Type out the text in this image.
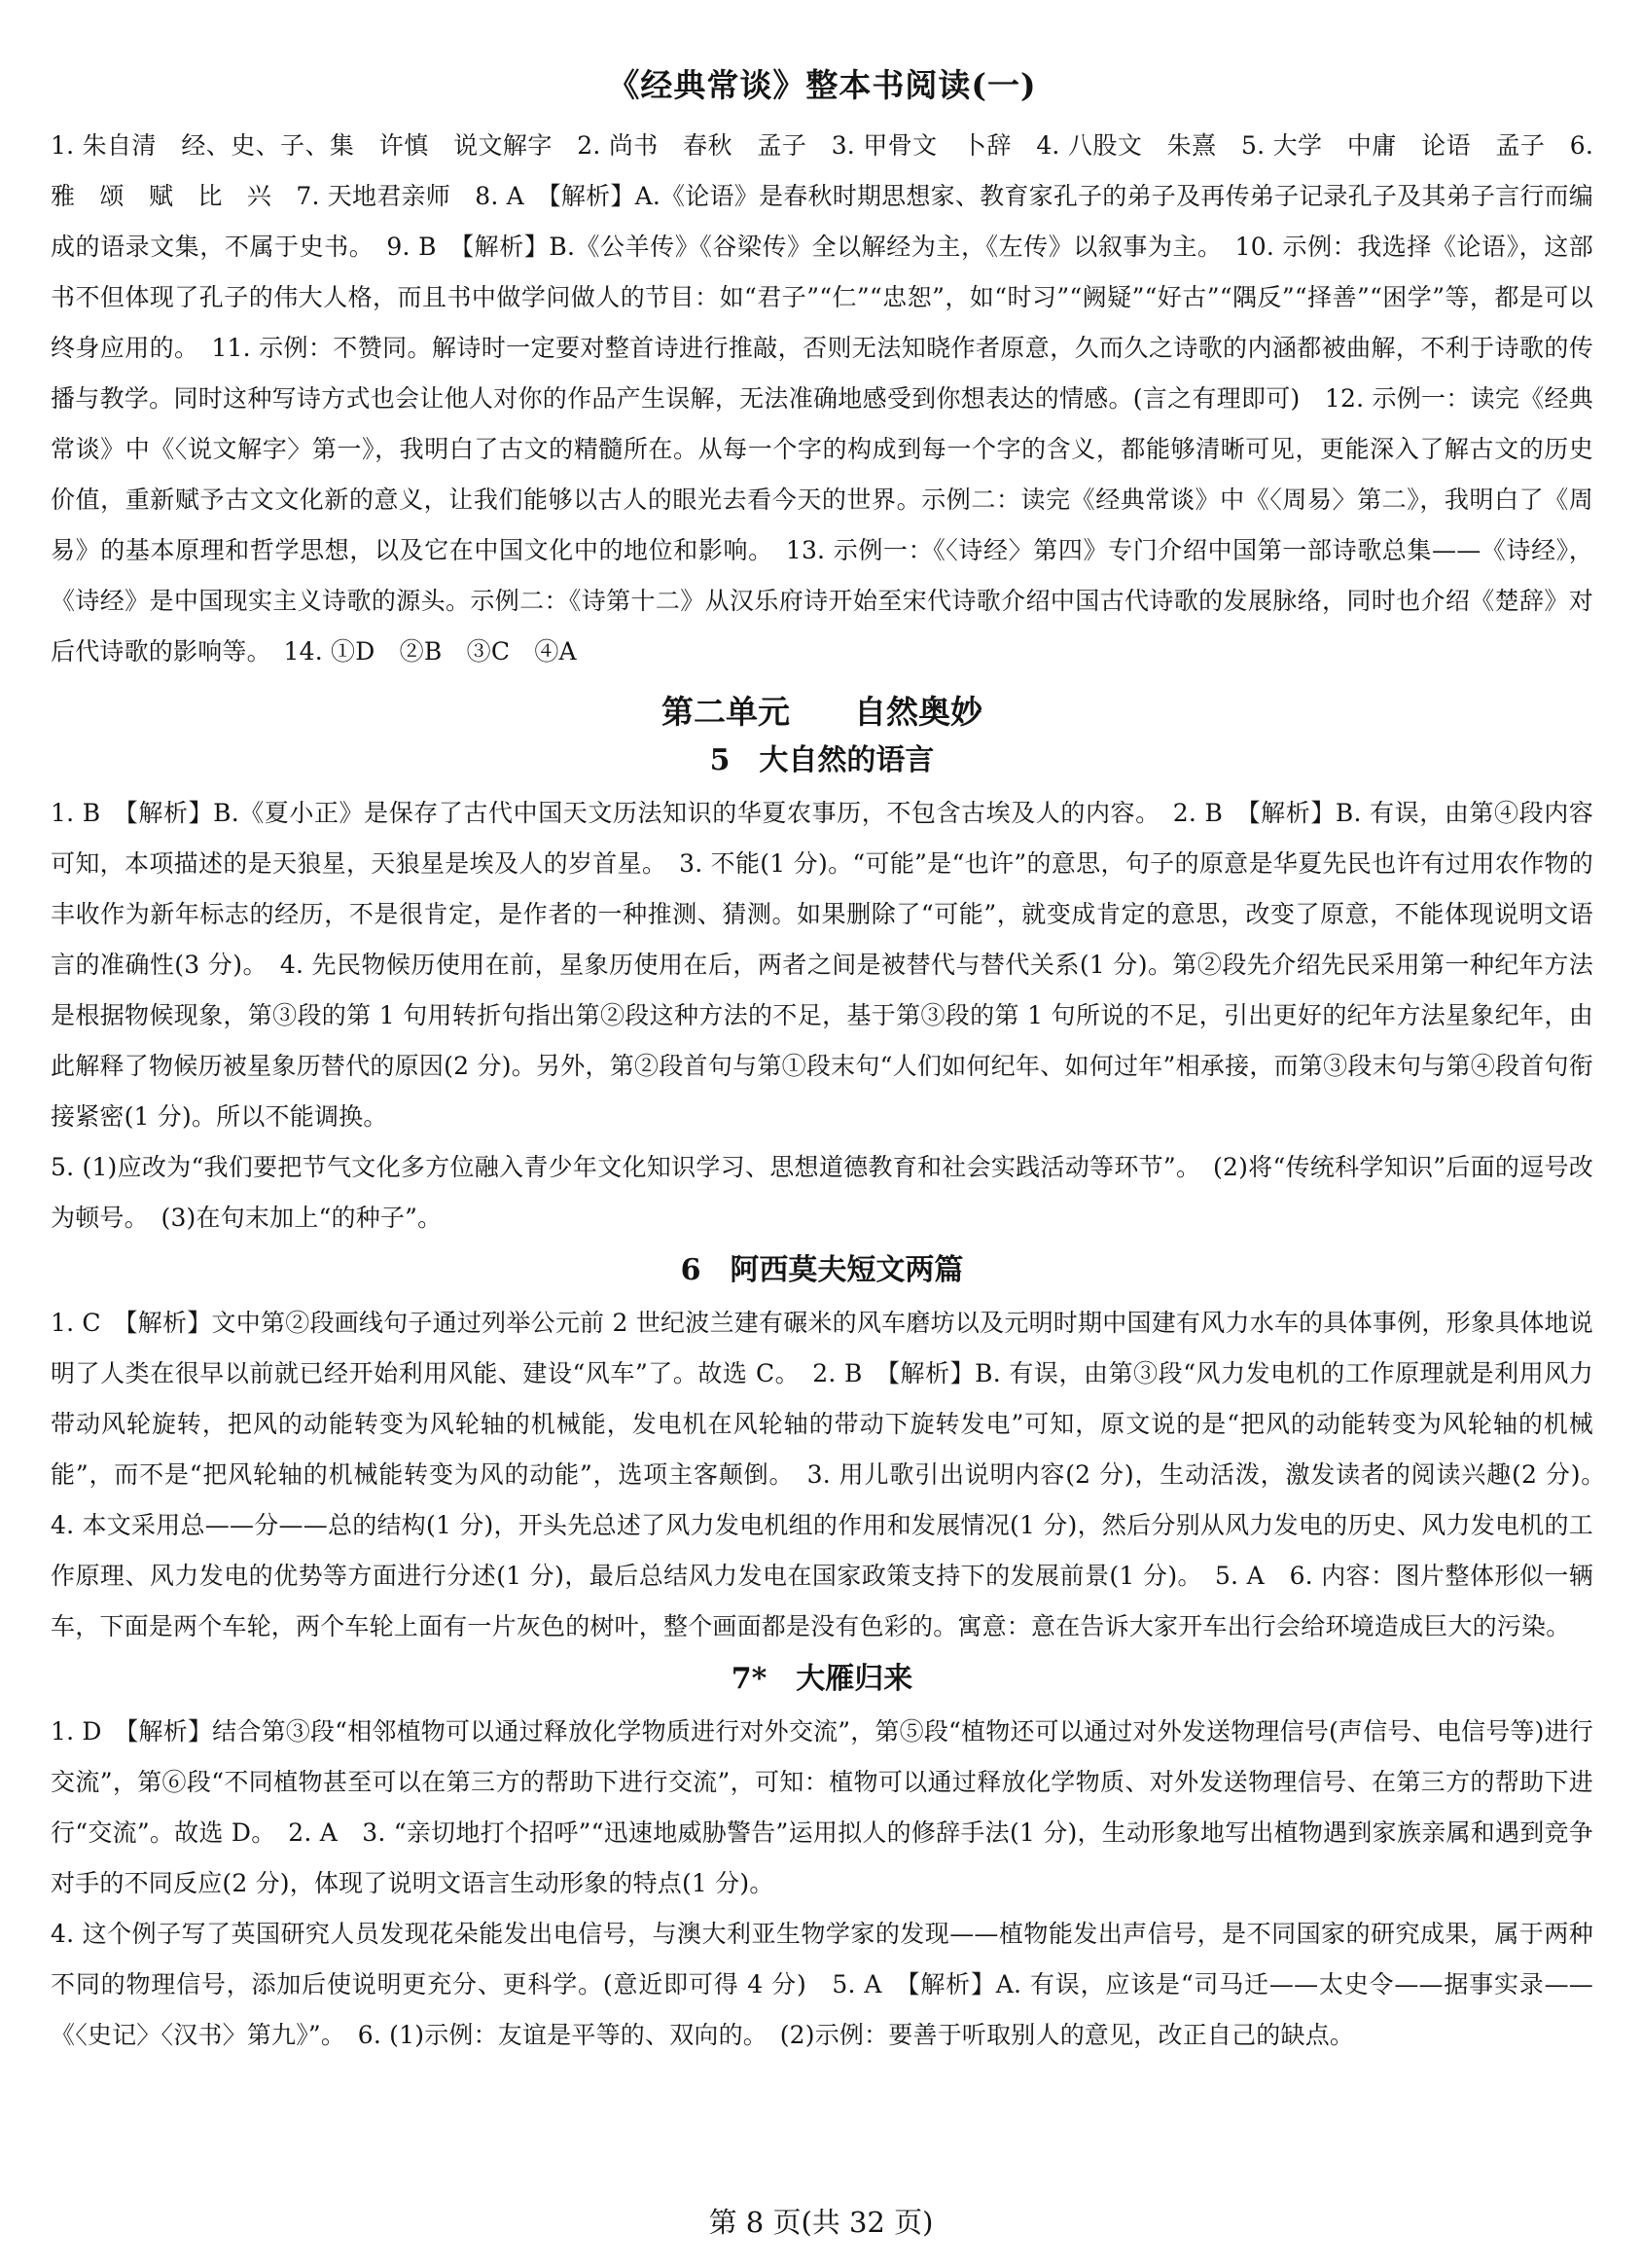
《经典常谈》整本书阅读(一)

1. 朱自清　经、史、子、集　许慎　说文解字　2. 尚书　春秋　孟子　3. 甲骨文　卜辞　4. 八股文　朱熹　5. 大学　中庸　论语　孟子　6. 雅　颂　赋　比　兴　7. 天地君亲师　8. A　【解析】A.《论语》是春秋时期思想家、教育家孔子的弟子及再传弟子记录孔子及其弟子言行而编成的语录文集，不属于史书。　9. B　【解析】B.《公羊传》《谷梁传》全以解经为主，《左传》以叙事为主。　10. 示例：我选择《论语》，这部书不但体现了孔子的伟大人格，而且书中做学问做人的节目：如“君子”“仁”“忠恕”，如“时习”“阙疑”“好古”“隅反”“择善”“困学”等，都是可以终身应用的。　11. 示例：不赞同。解诗时一定要对整首诗进行推敲，否则无法知晓作者原意，久而久之诗歌的内涵都被曲解，不利于诗歌的传播与教学。同时这种写诗方式也会让他人对你的作品产生误解，无法准确地感受到你想表达的情感。(言之有理即可)　12. 示例一：读完《经典常谈》中《〈说文解字〉第一》，我明白了古文的精髓所在。从每一个字的构成到每一个字的含义，都能够清晰可见，更能深入了解古文的历史价值，重新赋予古文文化新的意义，让我们能够以古人的眼光去看今天的世界。示例二：读完《经典常谈》中《〈周易〉第二》，我明白了《周易》的基本原理和哲学思想，以及它在中国文化中的地位和影响。　13. 示例一：《〈诗经〉第四》专门介绍中国第一部诗歌总集——《诗经》，《诗经》是中国现实主义诗歌的源头。示例二：《诗第十二》从汉乐府诗开始至宋代诗歌介绍中国古代诗歌的发展脉络，同时也介绍《楚辞》对后代诗歌的影响等。　14. ①D　②B　③C　④A

第二单元　　自然奥妙
5　大自然的语言

1. B　【解析】B.《夏小正》是保存了古代中国天文历法知识的华夏农事历，不包含古埃及人的内容。　2. B　【解析】B. 有误，由第④段内容可知，本项描述的是天狼星，天狼星是埃及人的岁首星。　3. 不能(1 分)。“可能”是“也许”的意思，句子的原意是华夏先民也许有过用农作物的丰收作为新年标志的经历，不是很肯定，是作者的一种推测、猜测。如果删除了“可能”，就变成肯定的意思，改变了原意，不能体现说明文语言的准确性(3 分)。　4. 先民物候历使用在前，星象历使用在后，两者之间是被替代与替代关系(1 分)。第②段先介绍先民采用第一种纪年方法是根据物候现象，第③段的第 1 句用转折句指出第②段这种方法的不足，基于第③段的第 1 句所说的不足，引出更好的纪年方法星象纪年，由此解释了物候历被星象历替代的原因(2 分)。另外，第②段首句与第①段末句“人们如何纪年、如何过年”相承接，而第③段末句与第④段首句衔接紧密(1 分)。所以不能调换。

5. (1)应改为“我们要把节气文化多方位融入青少年文化知识学习、思想道德教育和社会实践活动等环节”。　(2)将“传统科学知识”后面的逗号改为顿号。　(3)在句末加上“的种子”。

6　阿西莫夫短文两篇

1. C　【解析】文中第②段画线句子通过列举公元前 2 世纪波兰建有碾米的风车磨坊以及元明时期中国建有风力水车的具体事例，形象具体地说明了人类在很早以前就已经开始利用风能、建设“风车”了。故选 C。　2. B　【解析】B. 有误，由第③段“风力发电机的工作原理就是利用风力带动风轮旋转，把风的动能转变为风轮轴的机械能，发电机在风轮轴的带动下旋转发电”可知，原文说的是“把风的动能转变为风轮轴的机械能”，而不是“把风轮轴的机械能转变为风的动能”，选项主客颠倒。　3. 用儿歌引出说明内容(2 分)，生动活泼，激发读者的阅读兴趣(2 分)。　4. 本文采用总——分——总的结构(1 分)，开头先总述了风力发电机组的作用和发展情况(1 分)，然后分别从风力发电的历史、风力发电机的工作原理、风力发电的优势等方面进行分述(1 分)，最后总结风力发电在国家政策支持下的发展前景(1 分)。　5. A　6. 内容：图片整体形似一辆车，下面是两个车轮，两个车轮上面有一片灰色的树叶，整个画面都是没有色彩的。寓意：意在告诉大家开车出行会给环境造成巨大的污染。

7*　大雁归来

1. D　【解析】结合第③段“相邻植物可以通过释放化学物质进行对外交流”，第⑤段“植物还可以通过对外发送物理信号(声信号、电信号等)进行交流”，第⑥段“不同植物甚至可以在第三方的帮助下进行交流”，可知：植物可以通过释放化学物质、对外发送物理信号、在第三方的帮助下进行“交流”。故选 D。　2. A　3. “亲切地打个招呼”“迅速地威胁警告”运用拟人的修辞手法(1 分)，生动形象地写出植物遇到家族亲属和遇到竞争对手的不同反应(2 分)，体现了说明文语言生动形象的特点(1 分)。

4. 这个例子写了英国研究人员发现花朵能发出电信号，与澳大利亚生物学家的发现——植物能发出声信号，是不同国家的研究成果，属于两种不同的物理信号，添加后使说明更充分、更科学。(意近即可得 4 分)　5. A　【解析】A. 有误，应该是“司马迁——太史令——据事实录——《〈史记〉〈汉书〉第九》”。　6. (1)示例：友谊是平等的、双向的。　(2)示例：要善于听取别人的意见，改正自己的缺点。

第 8 页(共 32 页)
